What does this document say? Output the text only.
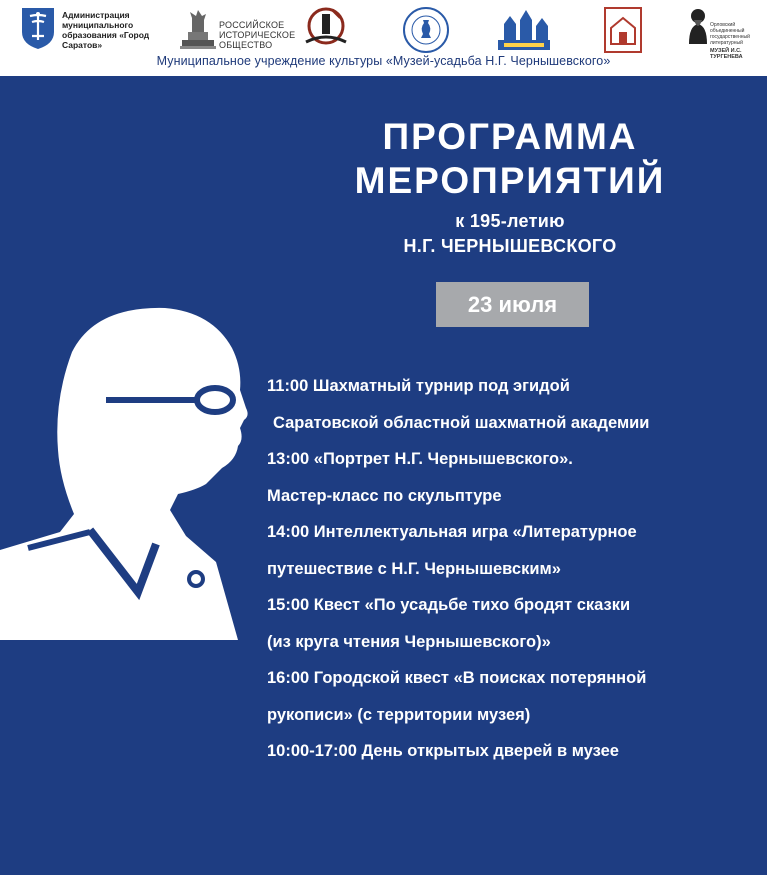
Администрация муниципального образования «Город Саратов»
РОССИЙСКОЕ ИСТОРИЧЕСКОЕ ОБЩЕСТВО
Орловский объединенный государственный литературный
МУЗЕЙ И.С. ТУРГЕНЕВА
Муниципальное учреждение культуры «Музей-усадьба Н.Г. Чернышевского»
ПРОГРАММА
МЕРОПРИЯТИЙ
к 195-летию
Н.Г. ЧЕРНЫШЕВСКОГО
23 июля
11:00 Шахматный турнир под эгидой
Саратовской областной шахматной академии
13:00 «Портрет Н.Г. Чернышевского».
Мастер-класс по скульптуре
14:00 Интеллектуальная игра «Литературное
путешествие с Н.Г. Чернышевским»
15:00 Квест «По усадьбе тихо бродят сказки
(из круга чтения Чернышевского)»
16:00 Городской квест «В поисках потерянной
рукописи» (с территории музея)
10:00-17:00 День открытых дверей в музее
